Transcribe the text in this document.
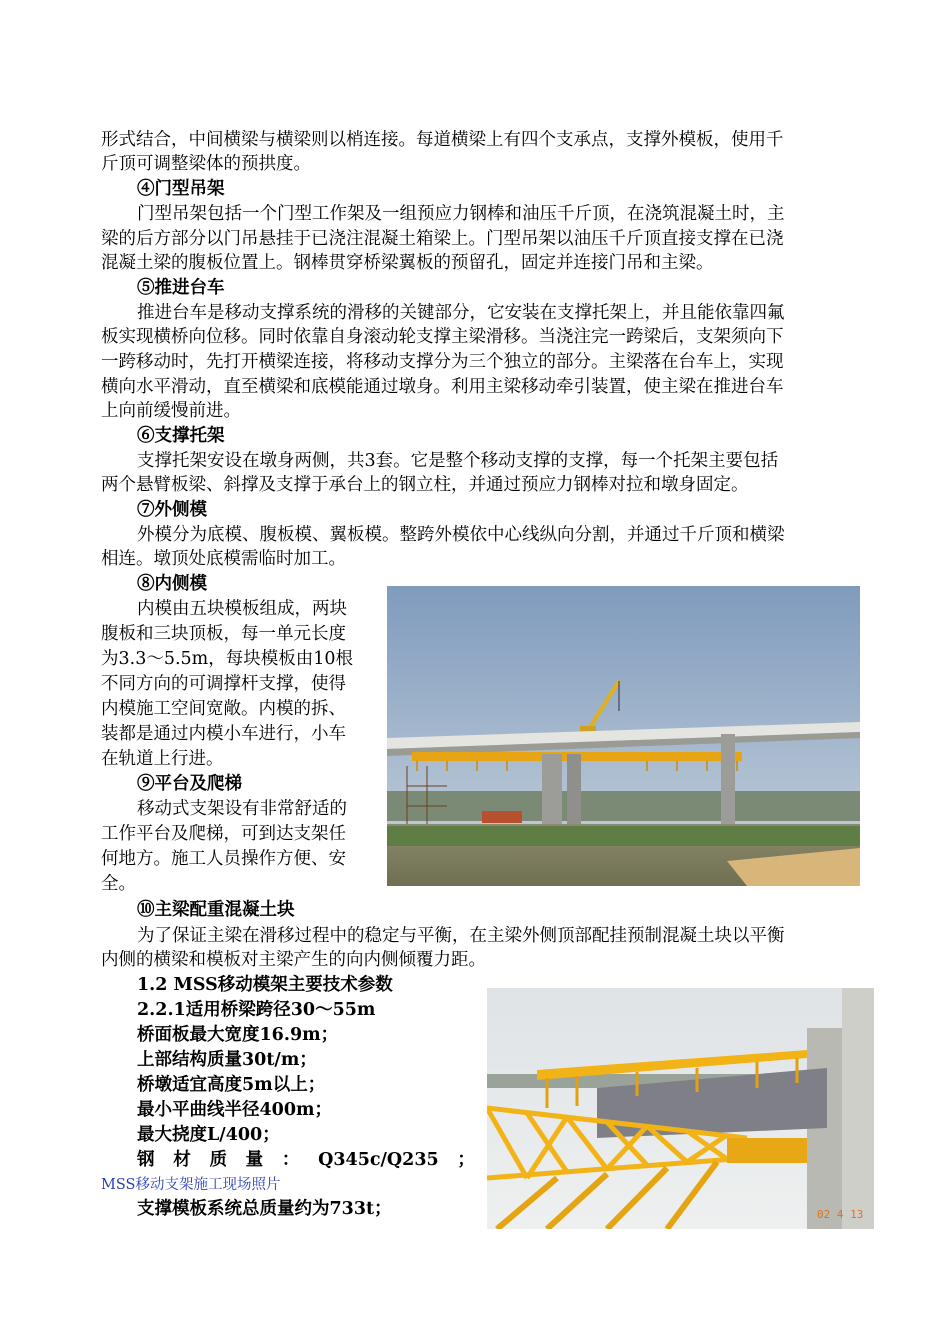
形式结合，中间横梁与横梁则以梢连接。每道横梁上有四个支承点，支撑外模板，使用千
斤顶可调整梁体的预拱度。
④门型吊架
门型吊架包括一个门型工作架及一组预应力钢棒和油压千斤顶，在浇筑混凝土时，主
梁的后方部分以门吊悬挂于已浇注混凝土箱梁上。门型吊架以油压千斤顶直接支撑在已浇
混凝土梁的腹板位置上。钢棒贯穿桥梁翼板的预留孔，固定并连接门吊和主梁。
⑤推进台车
推进台车是移动支撑系统的滑移的关键部分，它安装在支撑托架上，并且能依靠四氟
板实现横桥向位移。同时依靠自身滚动轮支撑主梁滑移。当浇注完一跨梁后，支架须向下
一跨移动时，先打开横梁连接，将移动支撑分为三个独立的部分。主梁落在台车上，实现
横向水平滑动，直至横梁和底模能通过墩身。利用主梁移动牵引装置，使主梁在推进台车
上向前缓慢前进。
⑥支撑托架
支撑托架安设在墩身两侧，共3套。它是整个移动支撑的支撑，每一个托架主要包括
两个悬臂板梁、斜撑及支撑于承台上的钢立柱，并通过预应力钢棒对拉和墩身固定。
⑦外侧模
外模分为底模、腹板模、翼板模。整跨外模依中心线纵向分割，并通过千斤顶和横梁
相连。墩顶处底模需临时加工。
⑧内侧模
内模由五块模板组成，两块
腹板和三块顶板，每一单元长度
为3.3～5.5m，每块模板由10根
不同方向的可调撑杆支撑，使得
内模施工空间宽敞。内模的拆、
装都是通过内模小车进行，小车
在轨道上行进。
⑨平台及爬梯
移动式支架设有非常舒适的
工作平台及爬梯，可到达支架任
何地方。施工人员操作方便、安
全。
⑩主梁配重混凝土块
为了保证主梁在滑移过程中的稳定与平衡，在主梁外侧顶部配挂预制混凝土块以平衡
内侧的横梁和模板对主梁产生的向内侧倾覆力距。
1.2 MSS移动模架主要技术参数
2.2.1适用桥梁跨径30～55m
桥面板最大宽度16.9m；
上部结构质量30t/m；
桥墩适宜高度5m以上；
最小平曲线半径400m；
最大挠度L/400；
钢 材 质 量 ： Q345c/Q235 ；
MSS移动支架施工现场照片
支撑模板系统总质量约为733t；	02 4 13
